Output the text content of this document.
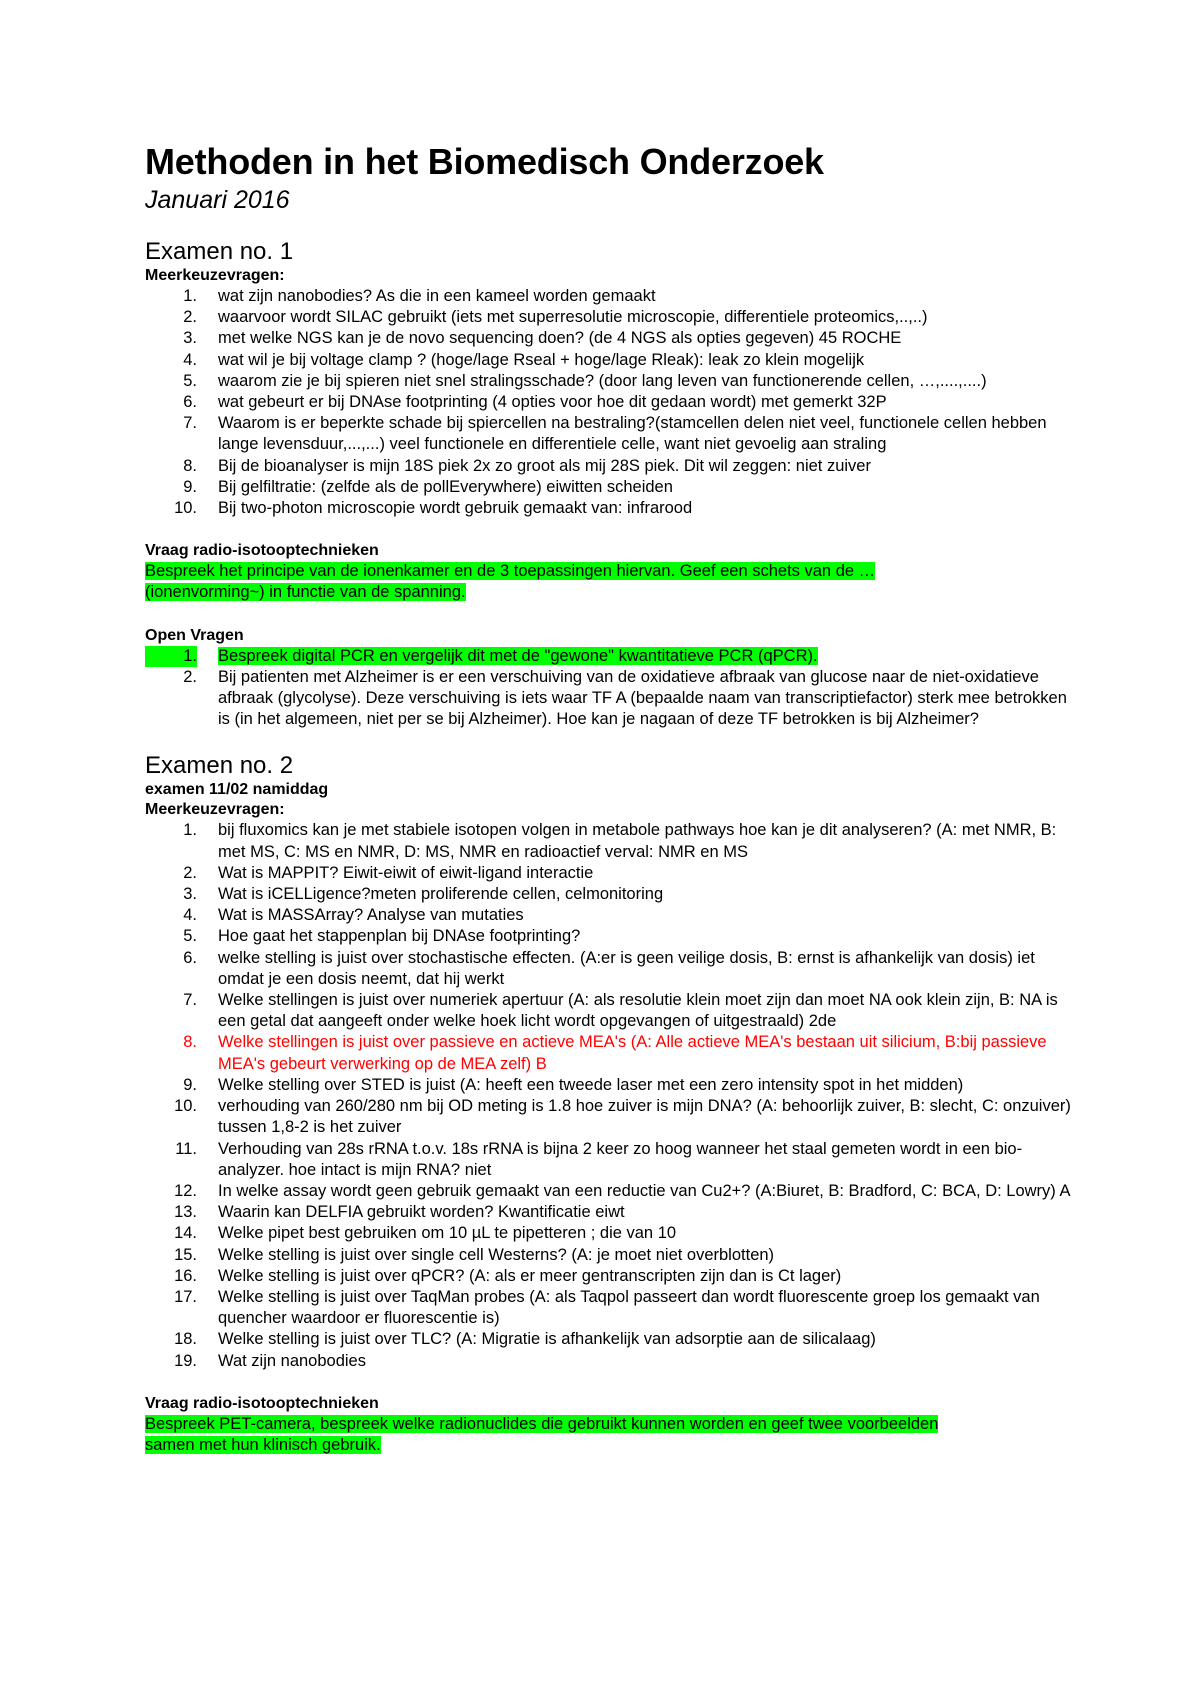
Methoden in het Biomedisch Onderzoek
Januari 2016
Examen no. 1
Meerkeuzevragen:
1. wat zijn nanobodies? As die in een kameel worden gemaakt
2. waarvoor wordt SILAC gebruikt (iets met superresolutie microscopie, differentiele proteomics,..,..)
3. met welke NGS kan je de novo sequencing doen? (de 4 NGS als opties gegeven) 45 ROCHE
4. wat wil je bij voltage clamp ? (hoge/lage Rseal + hoge/lage Rleak): leak zo klein mogelijk
5. waarom zie je bij spieren niet snel stralingsschade? (door lang leven van functionerende cellen, …,....,....)
6. wat gebeurt er bij DNAse footprinting (4 opties voor hoe dit gedaan wordt) met gemerkt 32P
7. Waarom is er beperkte schade bij spiercellen na bestraling?(stamcellen delen niet veel, functionele cellen hebben lange levensduur,...,...) veel functionele en differentiele celle, want niet gevoelig aan straling
8. Bij de bioanalyser is mijn 18S piek 2x zo groot als mij 28S piek. Dit wil zeggen: niet zuiver
9. Bij gelfiltratie: (zelfde als de pollEverywhere) eiwitten scheiden
10. Bij two-photon microscopie wordt gebruik gemaakt van: infrarood
Vraag radio-isotooptechnieken
Bespreek het principe van de ionenkamer en de 3 toepassingen hiervan. Geef een schets van de …
(ionenvorming~) in functie van de spanning.
Open Vragen
1. Bespreek digital PCR en vergelijk dit met de "gewone" kwantitatieve PCR (qPCR).
2. Bij patienten met Alzheimer is er een verschuiving van de oxidatieve afbraak van glucose naar de niet-oxidatieve afbraak (glycolyse). Deze verschuiving is iets waar TF A (bepaalde naam van transcriptiefactor) sterk mee betrokken is (in het algemeen, niet per se bij Alzheimer). Hoe kan je nagaan of deze TF betrokken is bij Alzheimer?
Examen no. 2
examen 11/02 namiddag
Meerkeuzevragen:
1. bij fluxomics kan je met stabiele isotopen volgen in metabole pathways hoe kan je dit analyseren? (A: met NMR, B: met MS, C: MS en NMR, D: MS, NMR en radioactief verval: NMR en MS
2. Wat is MAPPIT? Eiwit-eiwit of eiwit-ligand interactie
3. Wat is iCELLigence?meten proliferende cellen, celmonitoring
4. Wat is MASSArray? Analyse van mutaties
5. Hoe gaat het stappenplan bij DNAse footprinting?
6. welke stelling is juist over stochastische effecten. (A:er is geen veilige dosis, B: ernst is afhankelijk van dosis) iet omdat je een dosis neemt, dat hij werkt
7. Welke stellingen is juist over numeriek apertuur (A: als resolutie klein moet zijn dan moet NA ook klein zijn, B: NA is een getal dat aangeeft onder welke hoek licht wordt opgevangen of uitgestraald) 2de
8. Welke stellingen is juist over passieve en actieve MEA's (A: Alle actieve MEA's bestaan uit silicium, B:bij passieve MEA's gebeurt verwerking op de MEA zelf) B
9. Welke stelling over STED is juist (A: heeft een tweede laser met een zero intensity spot in het midden)
10. verhouding van 260/280 nm bij OD meting is 1.8 hoe zuiver is mijn DNA? (A: behoorlijk zuiver, B: slecht, C: onzuiver) tussen 1,8-2 is het zuiver
11. Verhouding van 28s rRNA t.o.v. 18s rRNA is bijna 2 keer zo hoog wanneer het staal gemeten wordt in een bio-analyzer. hoe intact is mijn RNA? niet
12. In welke assay wordt geen gebruik gemaakt van een reductie van Cu2+? (A:Biuret, B: Bradford, C: BCA, D: Lowry) A
13. Waarin kan DELFIA gebruikt worden? Kwantificatie eiwt
14. Welke pipet best gebruiken om 10 µL te pipetteren ; die van 10
15. Welke stelling is juist over single cell Westerns? (A: je moet niet overblotten)
16. Welke stelling is juist over qPCR? (A: als er meer gentranscripten zijn dan is Ct lager)
17. Welke stelling is juist over TaqMan probes (A: als Taqpol passeert dan wordt fluorescente groep los gemaakt van quencher waardoor er fluorescentie is)
18. Welke stelling is juist over TLC? (A: Migratie is afhankelijk van adsorptie aan de silicalaag)
19. Wat zijn nanobodies
Vraag radio-isotooptechnieken
Bespreek PET-camera, bespreek welke radionuclides die gebruikt kunnen worden en geef twee voorbeelden
samen met hun klinisch gebruik.
